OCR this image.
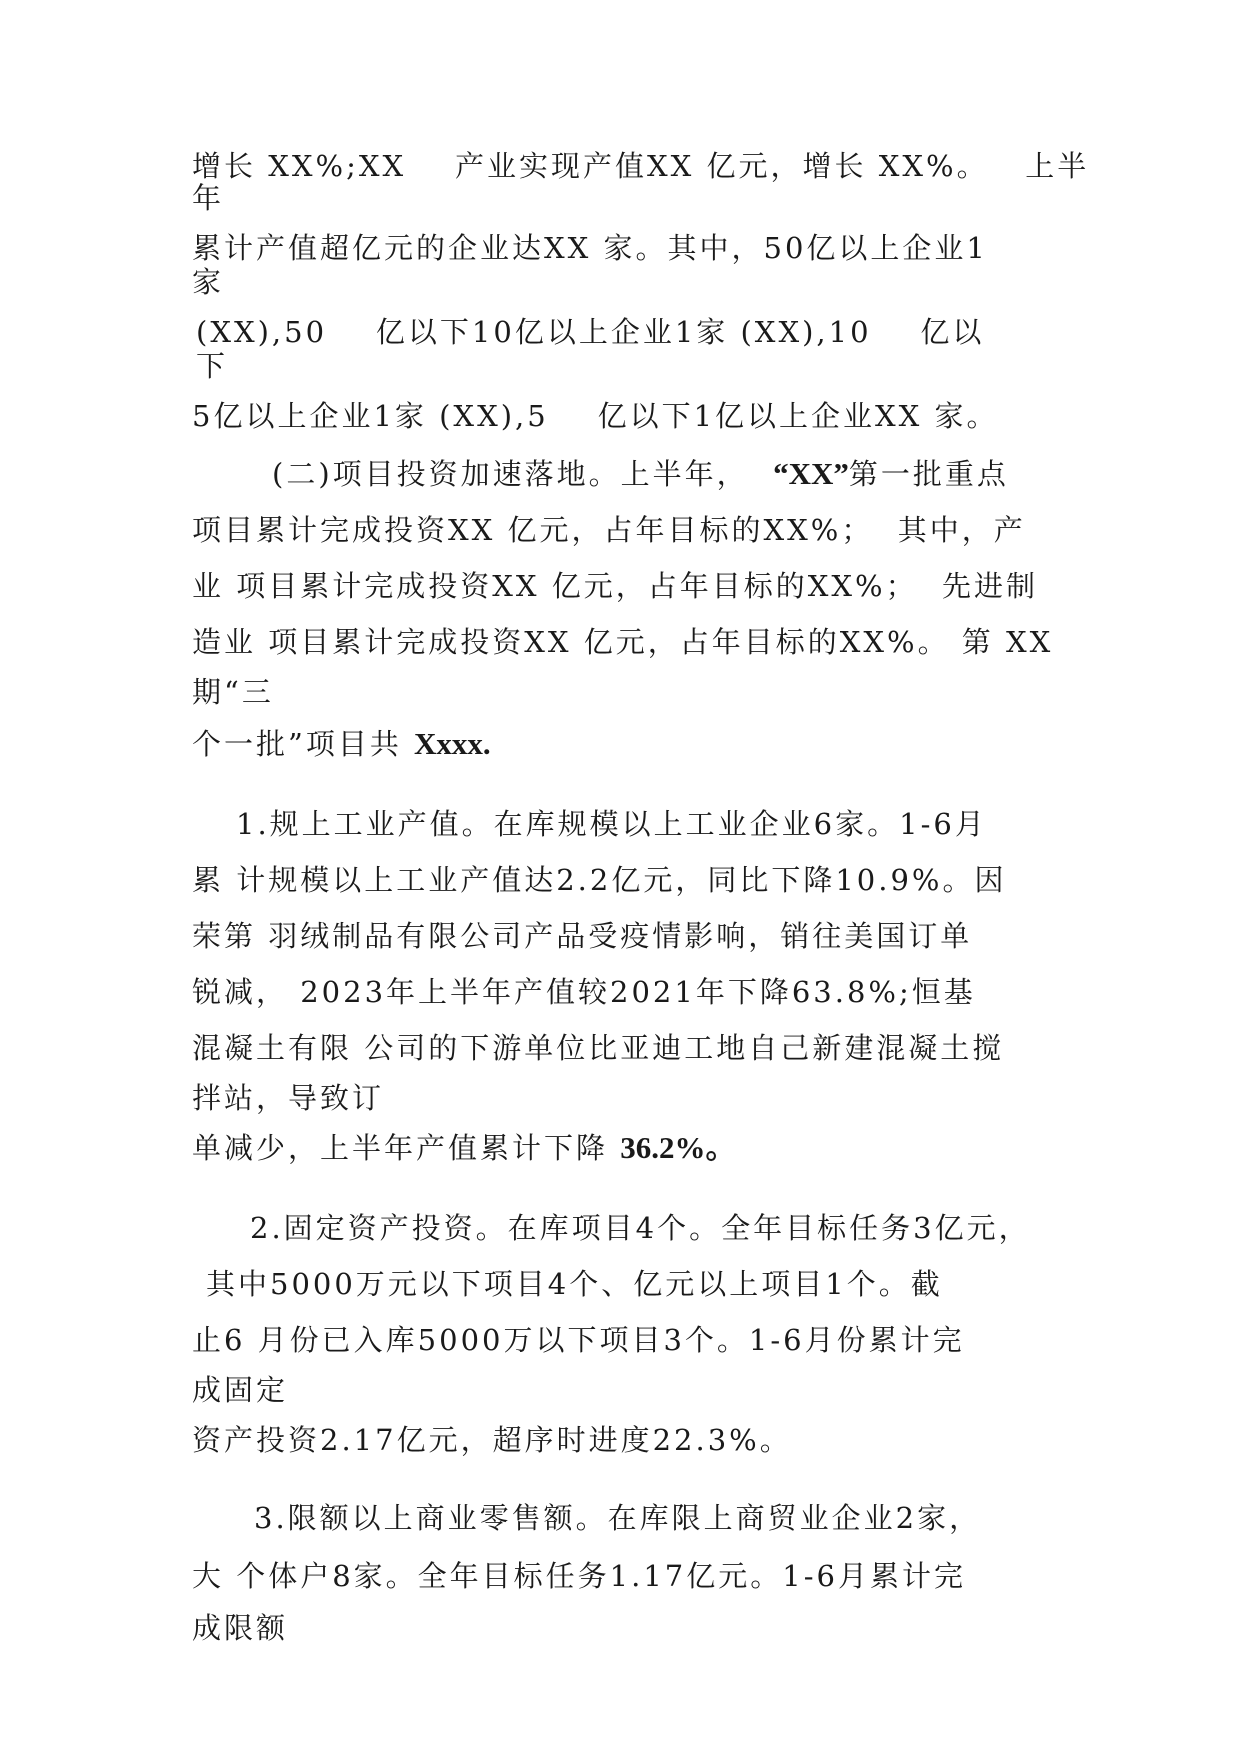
增长 XX%;XX    产业实现产值XX 亿元，增长 XX%。   上半

年

累计产值超亿元的企业达XX 家。其中，50亿以上企业1

家

(XX),50    亿以下10亿以上企业1家 (XX),10    亿以

下

5亿以上企业1家 (XX),5    亿以下1亿以上企业XX 家。

(二)项目投资加速落地。上半年，  “XX”第一批重点

项目累计完成投资XX 亿元，占年目标的XX%；  其中，产

业 项目累计完成投资XX 亿元，占年目标的XX%；  先进制

造业 项目累计完成投资XX 亿元，占年目标的XX%。 第 XX

期“三

个一批”项目共 Xxxx.

1.规上工业产值。在库规模以上工业企业6家。1-6月

累 计规模以上工业产值达2.2亿元，同比下降10.9%。因

荣第 羽绒制品有限公司产品受疫情影响，销往美国订单

锐减， 2023年上半年产值较2021年下降63.8%;恒基

混凝土有限 公司的下游单位比亚迪工地自己新建混凝土搅

拌站，导致订

单减少，上半年产值累计下降 36.2%。

2.固定资产投资。在库项目4个。全年目标任务3亿元，

其中5000万元以下项目4个、亿元以上项目1个。截

止6 月份已入库5000万以下项目3个。1-6月份累计完

成固定

资产投资2.17亿元，超序时进度22.3%。

3.限额以上商业零售额。在库限上商贸业企业2家，

大 个体户8家。全年目标任务1.17亿元。1-6月累计完

成限额
